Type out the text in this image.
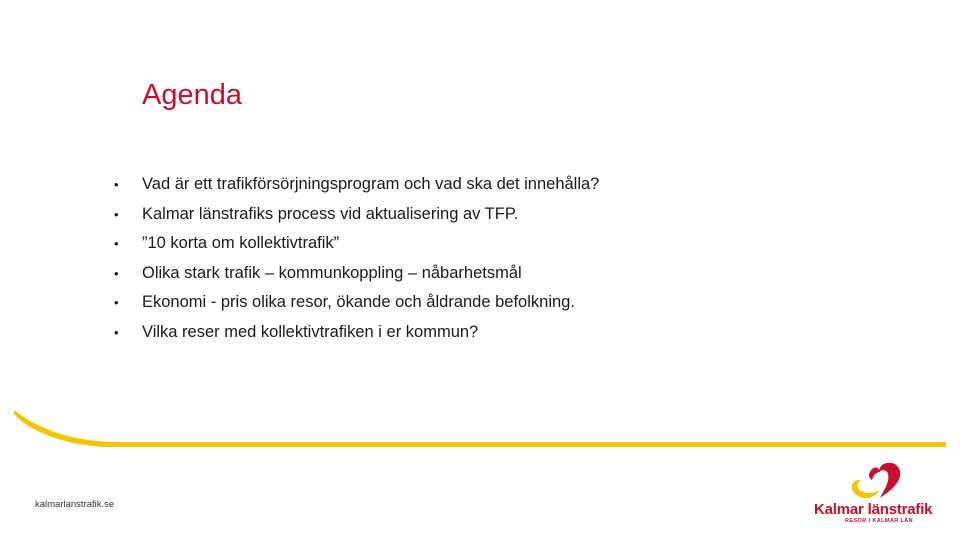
Agenda
•	Vad är ett trafikförsörjningsprogram och vad ska det innehålla?
•	Kalmar länstrafiks process vid aktualisering av TFP.
•	”10 korta om kollektivtrafik”
•	Olika stark trafik – kommunkoppling – nåbarhetsmål
•	Ekonomi - pris olika resor, ökande och åldrande befolkning.
•	Vilka reser med kollektivtrafiken i er kommun?
kalmarlanstrafik.se	Kalmar länstrafik
RESOR I KALMAR LÄN
